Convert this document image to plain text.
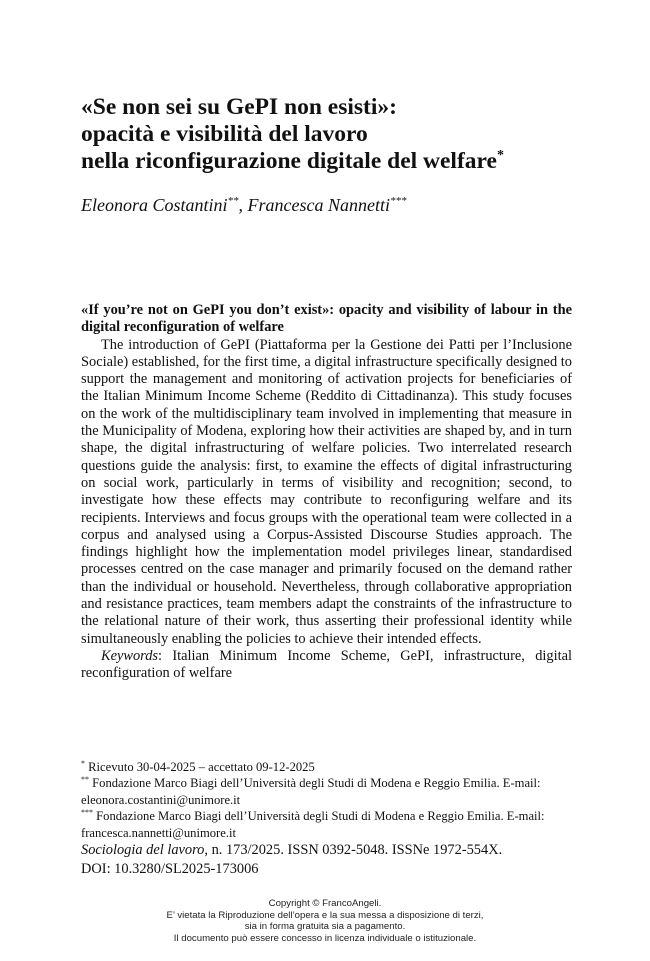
«Se non sei su GePI non esisti»:
opacità e visibilità del lavoro
nella riconfigurazione digitale del welfare*
Eleonora Costantini**, Francesca Nannetti***

«If you’re not on GePI you don’t exist»: opacity and visibility of labour in the digital reconfiguration of welfare

The introduction of GePI (Piattaforma per la Gestione dei Patti per l’Inclusione Sociale) established, for the first time, a digital infrastructure specifically designed to support the management and monitoring of activation projects for beneficiaries of the Italian Minimum Income Scheme (Reddito di Cittadinanza). This study focuses on the work of the multidisciplinary team involved in implementing that measure in the Municipality of Modena, exploring how their activities are shaped by, and in turn shape, the digital infrastructuring of welfare policies. Two interrelated research questions guide the analysis: first, to examine the effects of digital infrastructuring on social work, particularly in terms of visibility and recognition; second, to investigate how these effects may contribute to reconfiguring welfare and its recipients. Interviews and focus groups with the operational team were collected in a corpus and analysed using a Corpus-Assisted Discourse Studies approach. The findings highlight how the implementation model privileges linear, standardised processes centred on the case manager and primarily focused on the demand rather than the individual or household. Nevertheless, through collaborative appropriation and resistance practices, team members adapt the constraints of the infrastructure to the relational nature of their work, thus asserting their professional identity while simultaneously enabling the policies to achieve their intended effects.

Keywords: Italian Minimum Income Scheme, GePI, infrastructure, digital reconfiguration of welfare

* Ricevuto 30-04-2025 – accettato 09-12-2025

** Fondazione Marco Biagi dell’Università degli Studi di Modena e Reggio Emilia. E-mail: eleonora.costantini@unimore.it

*** Fondazione Marco Biagi dell’Università degli Studi di Modena e Reggio Emilia. E-mail: francesca.nannetti@unimore.it

Sociologia del lavoro, n. 173/2025. ISSN 0392-5048. ISSNe 1972-554X.

DOI: 10.3280/SL2025-173006

Copyright © FrancoAngeli.
E’ vietata la Riproduzione dell’opera e la sua messa a disposizione di terzi,
sia in forma gratuita sia a pagamento.
Il documento può essere concesso in licenza individuale o istituzionale.
